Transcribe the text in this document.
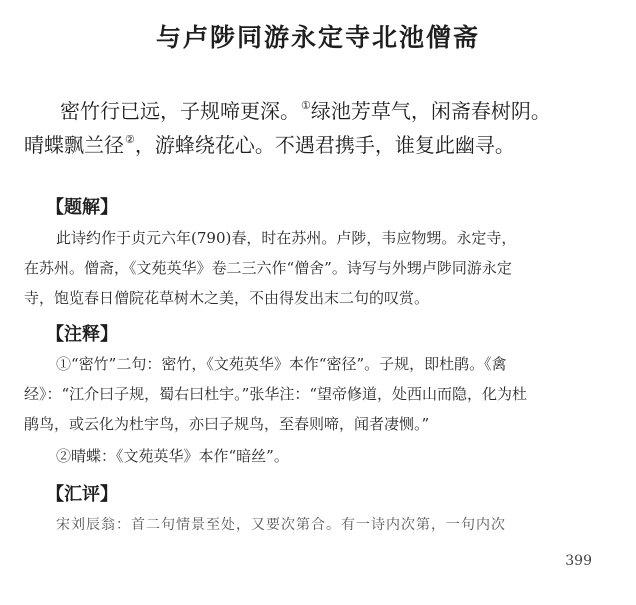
与卢陟同游永定寺北池僧斋
密竹行已远，子规啼更深。①绿池芳草气，闲斋春树阴。
晴蝶飘兰径②，游蜂绕花心。不遇君携手，谁复此幽寻。
【题解】
此诗约作于贞元六年(790)春，时在苏州。卢陟，韦应物甥。永定寺，
在苏州。僧斋，《文苑英华》卷二三六作“僧舍”。诗写与外甥卢陟同游永定
寺，饱览春日僧院花草树木之美，不由得发出末二句的叹赏。
【注释】
①“密竹”二句：密竹，《文苑英华》本作“密径”。子规，即杜鹃。《禽
经》：“江介曰子规，蜀右曰杜宇。”张华注：“望帝修道，处西山而隐，化为杜
鹃鸟，或云化为杜宇鸟，亦曰子规鸟，至春则啼，闻者凄恻。”
②晴蝶：《文苑英华》本作“暗丝”。
【汇评】
宋刘辰翁：首二句情景至处，又要次第合。有一诗内次第，一句内次
399
